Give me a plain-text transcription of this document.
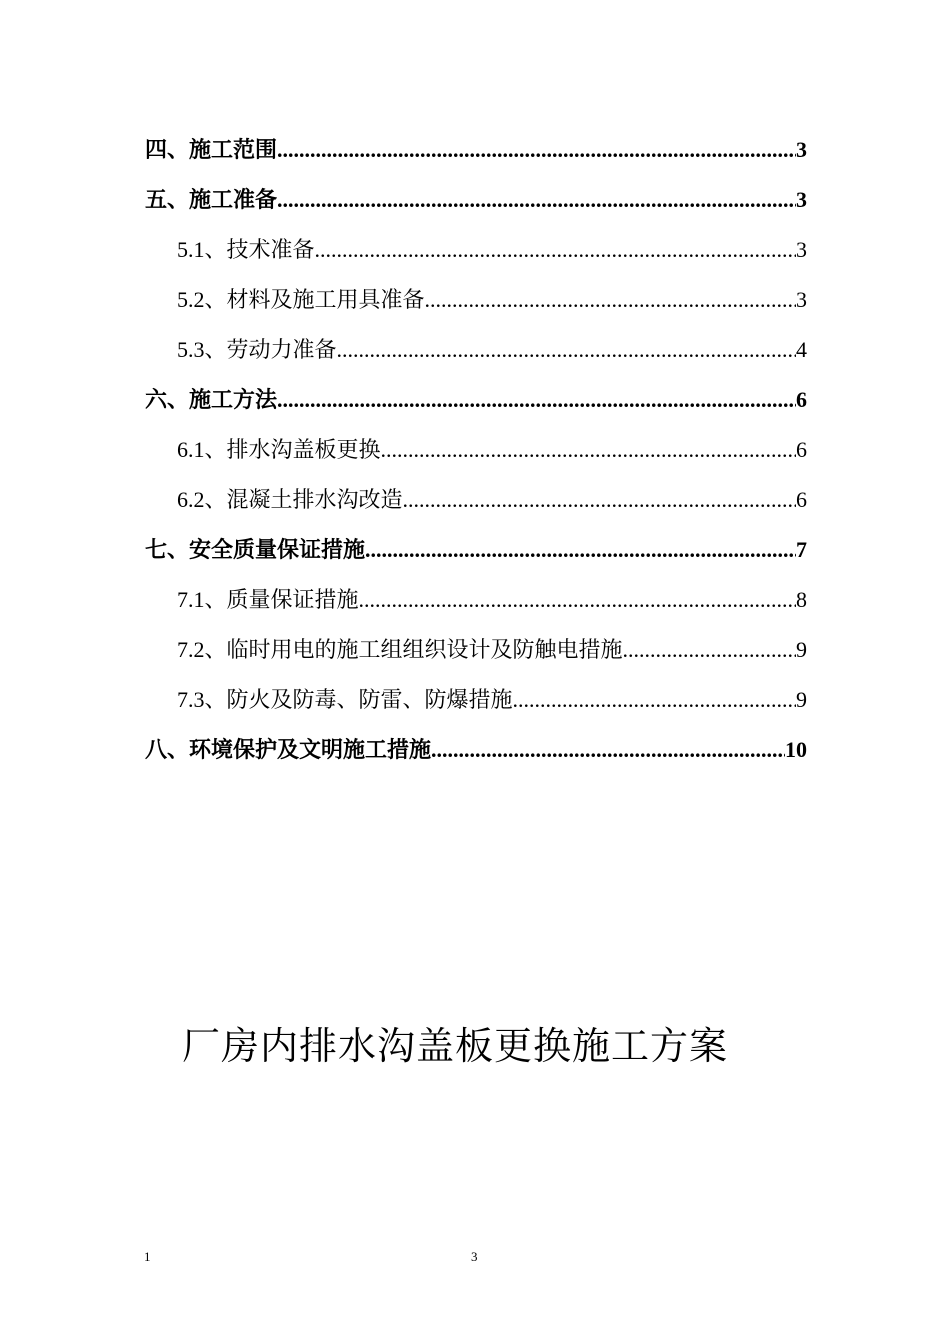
四、施工范围 .....	3
五、施工准备 .....	3
5.1、技术准备 .....	3
5.2、材料及施工用具准备 .....	3
5.3、劳动力准备 .....	4
六、施工方法 .....	6
6.1、排水沟盖板更换 .....	6
6.2、混凝土排水沟改造 .....	6
七、安全质量保证措施 .....	7
7.1、质量保证措施 .....	8
7.2、临时用电的施工组组织设计及防触电措施 .....	9
7.3、防火及防毒、防雷、防爆措施 .....	9
八、环境保护及文明施工措施 .....	10
厂房内排水沟盖板更换施工方案
1	3
